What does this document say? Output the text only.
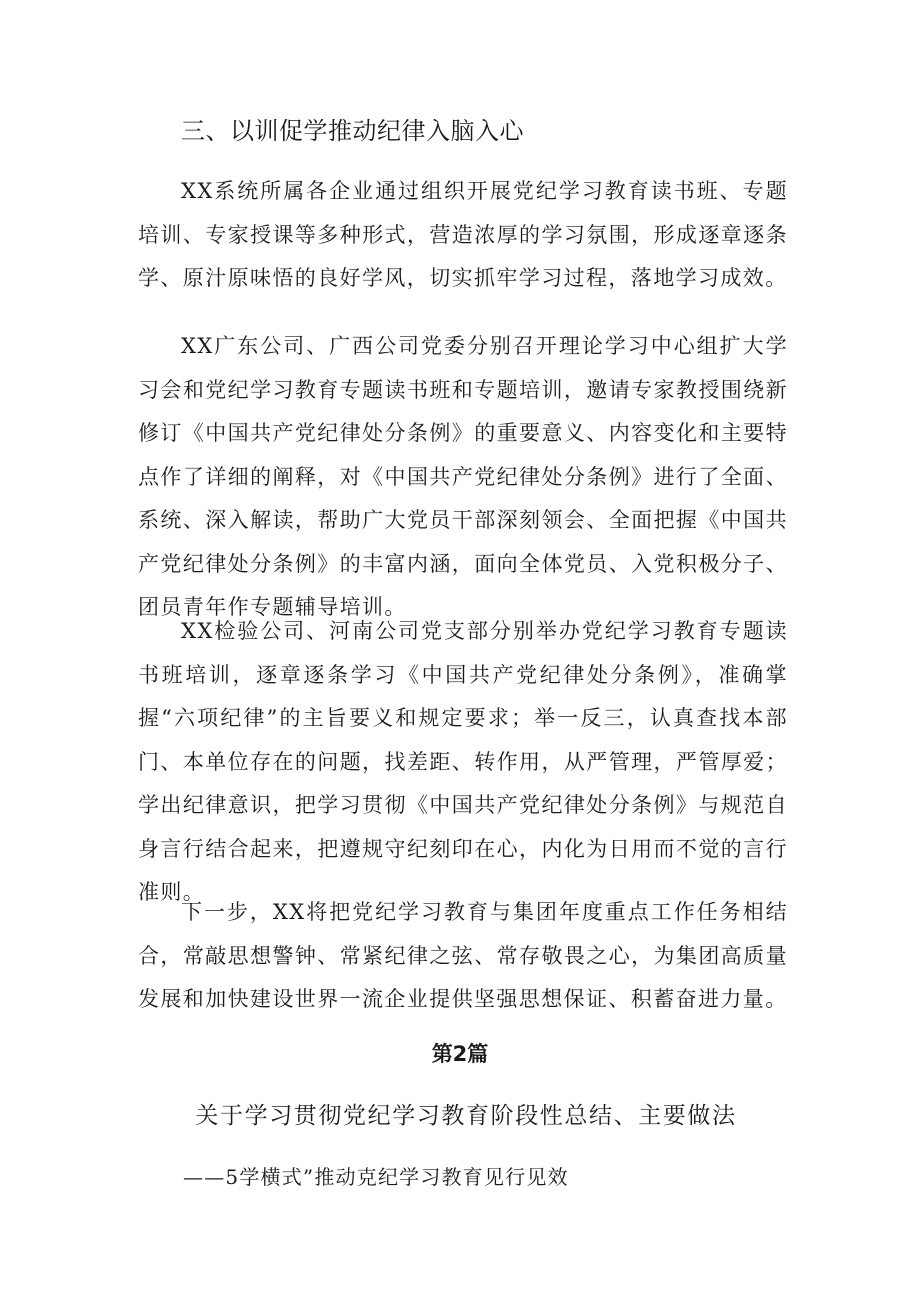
三、以训促学推动纪律入脑入心
XX系统所属各企业通过组织开展党纪学习教育读书班、专题培训、专家授课等多种形式，营造浓厚的学习氛围，形成逐章逐条学、原汁原味悟的良好学风，切实抓牢学习过程，落地学习成效。
XX广东公司、广西公司党委分别召开理论学习中心组扩大学习会和党纪学习教育专题读书班和专题培训，邀请专家教授围绕新修订《中国共产党纪律处分条例》的重要意义、内容变化和主要特点作了详细的阐释，对《中国共产党纪律处分条例》进行了全面、系统、深入解读，帮助广大党员干部深刻领会、全面把握《中国共产党纪律处分条例》的丰富内涵，面向全体党员、入党积极分子、团员青年作专题辅导培训。
XX检验公司、河南公司党支部分别举办党纪学习教育专题读书班培训，逐章逐条学习《中国共产党纪律处分条例》，准确掌握“六项纪律”的主旨要义和规定要求；举一反三，认真查找本部门、本单位存在的问题，找差距、转作用，从严管理，严管厚爱；学出纪律意识，把学习贯彻《中国共产党纪律处分条例》与规范自身言行结合起来，把遵规守纪刻印在心，内化为日用而不觉的言行准则。
下一步，XX将把党纪学习教育与集团年度重点工作任务相结合，常敲思想警钟、常紧纪律之弦、常存敬畏之心，为集团高质量发展和加快建设世界一流企业提供坚强思想保证、积蓄奋进力量。
第2篇
关于学习贯彻党纪学习教育阶段性总结、主要做法
——5学横式”推动克纪学习教育见行见效
